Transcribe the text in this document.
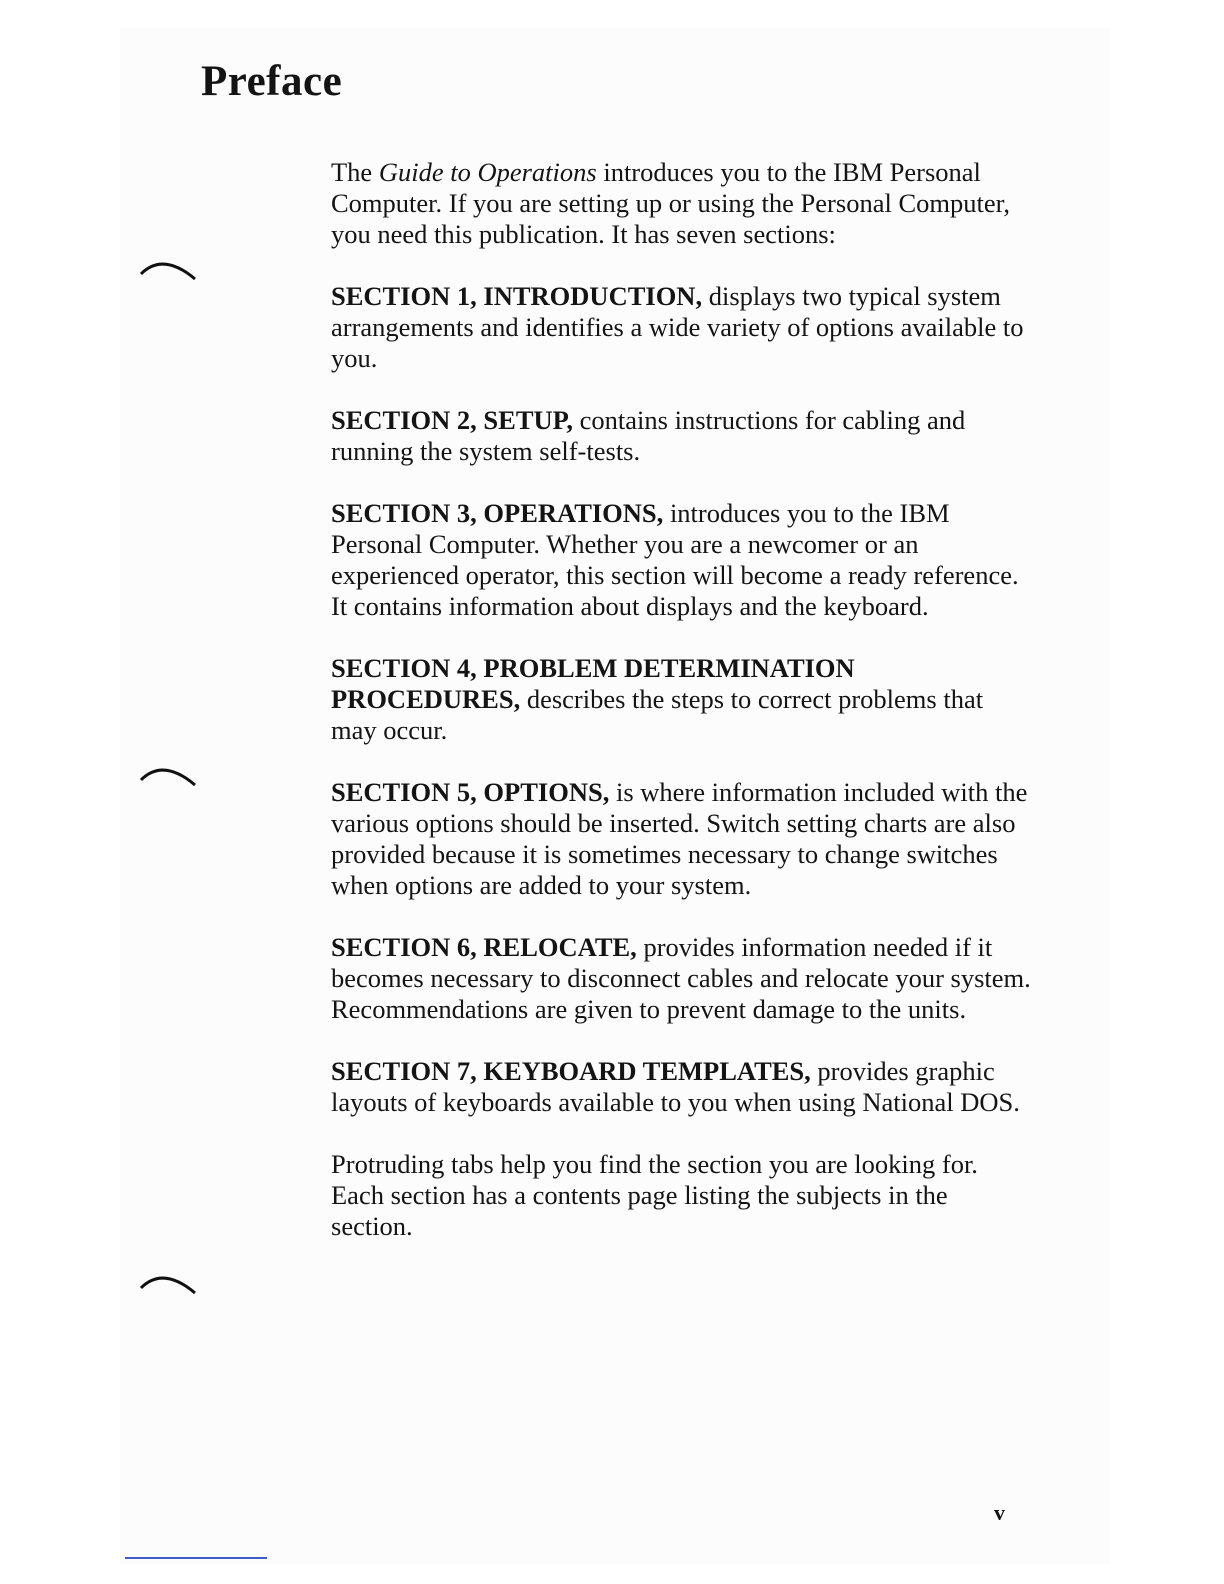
Preface

The Guide to Operations introduces you to the IBM Personal Computer. If you are setting up or using the Personal Computer, you need this publication. It has seven sections:

SECTION 1, INTRODUCTION, displays two typical system arrangements and identifies a wide variety of options available to you.

SECTION 2, SETUP, contains instructions for cabling and running the system self-tests.

SECTION 3, OPERATIONS, introduces you to the IBM Personal Computer. Whether you are a newcomer or an experienced operator, this section will become a ready reference. It contains information about displays and the keyboard.

SECTION 4, PROBLEM DETERMINATION PROCEDURES, describes the steps to correct problems that may occur.

SECTION 5, OPTIONS, is where information included with the various options should be inserted. Switch setting charts are also provided because it is sometimes necessary to change switches when options are added to your system.

SECTION 6, RELOCATE, provides information needed if it becomes necessary to disconnect cables and relocate your system. Recommendations are given to prevent damage to the units.

SECTION 7, KEYBOARD TEMPLATES, provides graphic layouts of keyboards available to you when using National DOS.

Protruding tabs help you find the section you are looking for. Each section has a contents page listing the subjects in the section.

v
